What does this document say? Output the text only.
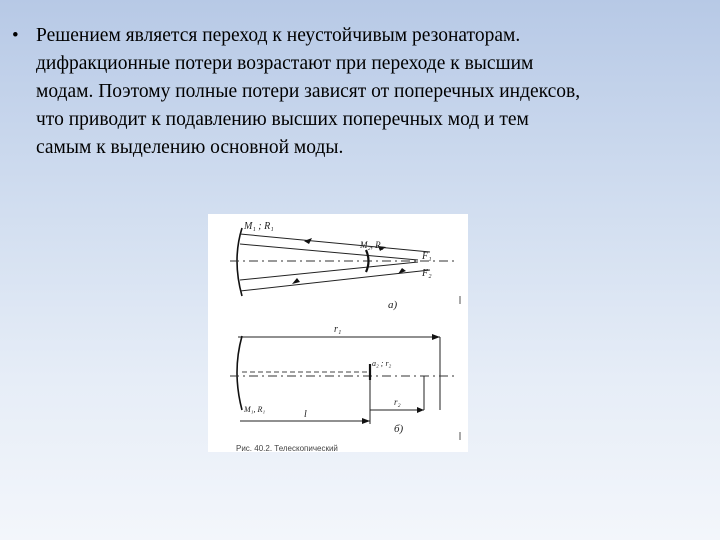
• Решением является переход к неустойчивым резонаторам.
дифракционные потери возрастают при переходе к высшим
модам. Поэтому полные потери зависят от поперечных индексов,
что приводит к подавлению высших поперечных мод и тем
самым к выделению основной моды.
M₁ ; R₁
M₂, R₂
F₁
F₂
а)
r₁
a₂ ; r₂
r₂
M₁, R₁	l
б)
Рис. 40.2. Телескопический
